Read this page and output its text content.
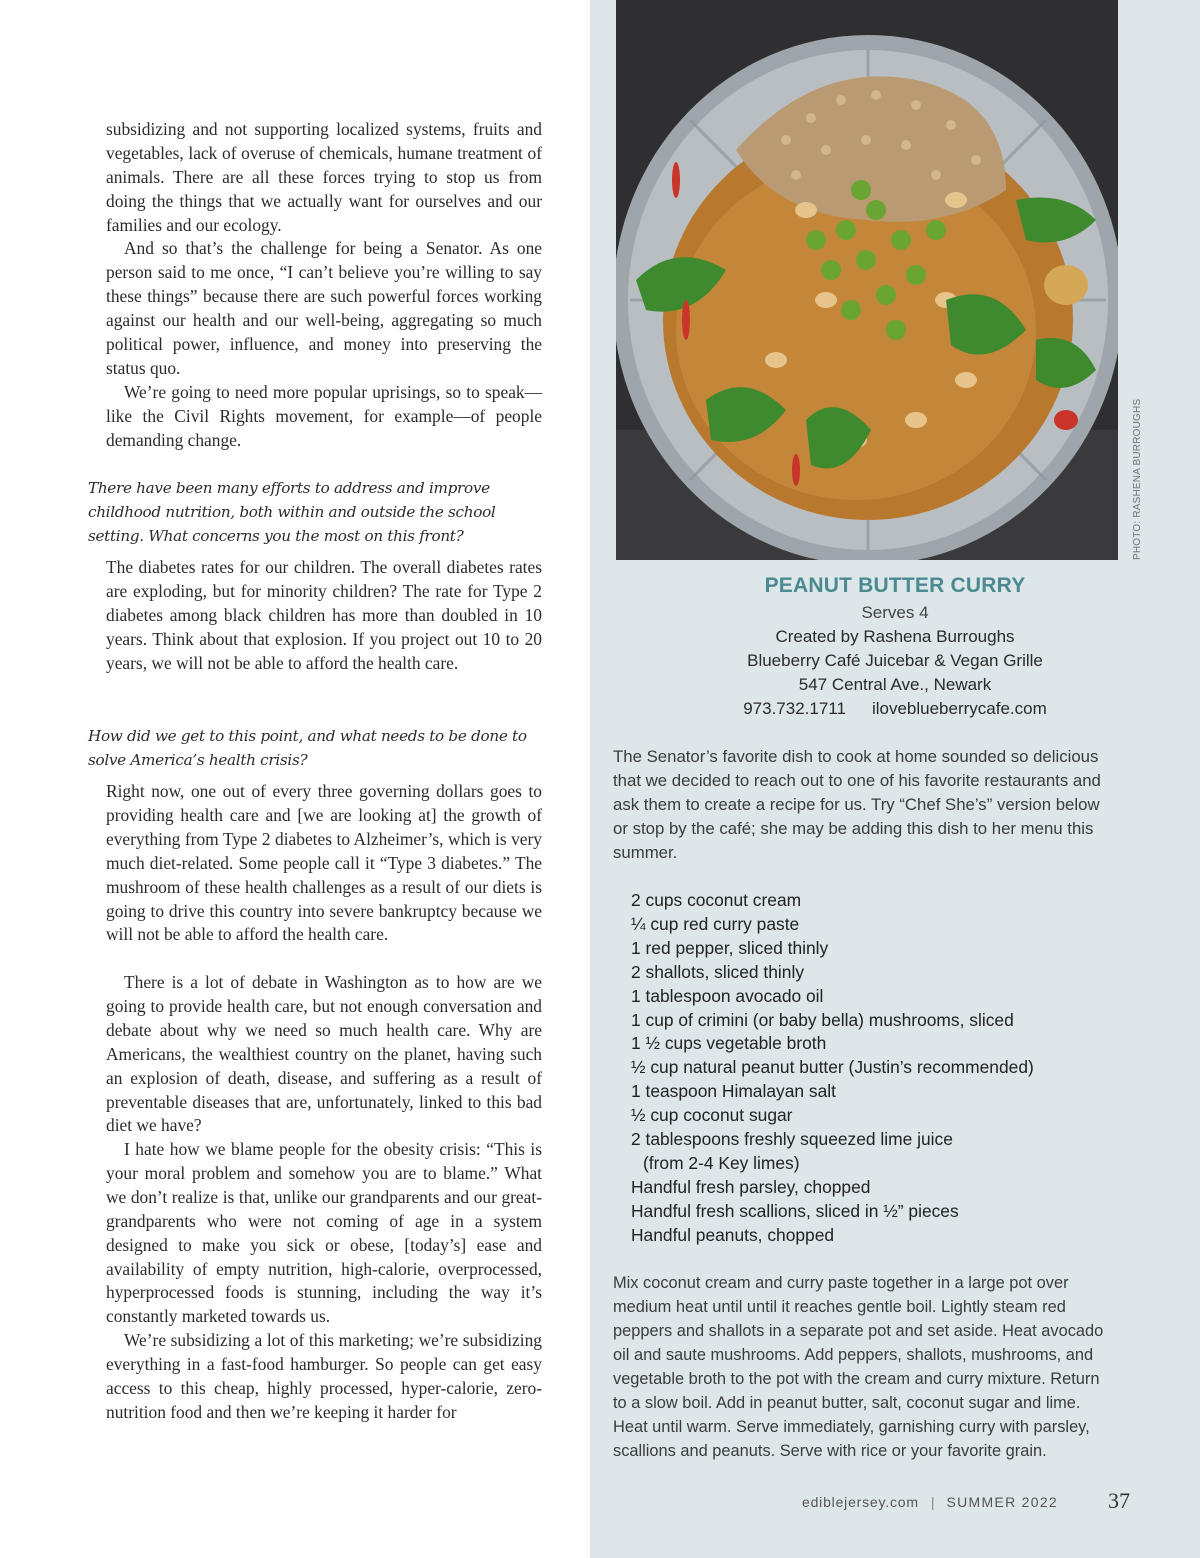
subsidizing and not supporting localized systems, fruits and vegetables, lack of overuse of chemicals, humane treatment of animals. There are all these forces trying to stop us from doing the things that we actually want for ourselves and our families and our ecology.

And so that’s the challenge for being a Senator. As one person said to me once, “I can’t believe you’re willing to say these things” because there are such powerful forces working against our health and our well-being, aggregating so much political power, influence, and money into preserving the status quo.

We’re going to need more popular uprisings, so to speak—like the Civil Rights movement, for example—of people demanding change.

There have been many efforts to address and improve childhood nutrition, both within and outside the school setting. What concerns you the most on this front?

The diabetes rates for our children. The overall diabetes rates are exploding, but for minority children? The rate for Type 2 diabetes among black children has more than doubled in 10 years. Think about that explosion. If you project out 10 to 20 years, we will not be able to afford the health care.

How did we get to this point, and what needs to be done to solve America’s health crisis?

Right now, one out of every three governing dollars goes to providing health care and [we are looking at] the growth of everything from Type 2 diabetes to Alzheimer’s, which is very much diet-related. Some people call it “Type 3 diabetes.” The mushroom of these health challenges as a result of our diets is going to drive this country into severe bankruptcy because we will not be able to afford the health care.

There is a lot of debate in Washington as to how are we going to provide health care, but not enough conversation and debate about why we need so much health care. Why are Americans, the wealthiest country on the planet, having such an explosion of death, disease, and suffering as a result of preventable diseases that are, unfortunately, linked to this bad diet we have?

I hate how we blame people for the obesity crisis: “This is your moral problem and somehow you are to blame.” What we don’t realize is that, unlike our grandparents and our great-grandparents who were not coming of age in a system designed to make you sick or obese, [today’s] ease and availability of empty nutrition, high-calorie, overprocessed, hyperprocessed foods is stunning, including the way it’s constantly marketed towards us.

We’re subsidizing a lot of this marketing; we’re subsidizing everything in a fast-food hamburger. So people can get easy access to this cheap, highly processed, hyper-calorie, zero-nutrition food and then we’re keeping it harder for

PHOTO: RASHENA BURROUGHS
PEANUT BUTTER CURRY
Serves 4
Created by Rashena Burroughs
Blueberry Café Juicebar & Vegan Grille
547 Central Ave., Newark
973.732.1711 iloveblueberrycafe.com

The Senator’s favorite dish to cook at home sounded so delicious that we decided to reach out to one of his favorite restaurants and ask them to create a recipe for us. Try “Chef She’s” version below or stop by the café; she may be adding this dish to her menu this summer.

2 cups coconut cream
¼ cup red curry paste
1 red pepper, sliced thinly
2 shallots, sliced thinly
1 tablespoon avocado oil
1 cup of crimini (or baby bella) mushrooms, sliced
1 ½ cups vegetable broth
½ cup natural peanut butter (Justin’s recommended)
1 teaspoon Himalayan salt
½ cup coconut sugar
2 tablespoons freshly squeezed lime juice
(from 2-4 Key limes)
Handful fresh parsley, chopped
Handful fresh scallions, sliced in ½” pieces
Handful peanuts, chopped

Mix coconut cream and curry paste together in a large pot over medium heat until until it reaches gentle boil. Lightly steam red peppers and shallots in a separate pot and set aside. Heat avocado oil and saute mushrooms. Add peppers, shallots, mushrooms, and vegetable broth to the pot with the cream and curry mixture. Return to a slow boil. Add in peanut butter, salt, coconut sugar and lime. Heat until warm. Serve immediately, garnishing curry with parsley, scallions and peanuts. Serve with rice or your favorite grain.

ediblejersey.com | SUMMER 2022 37
